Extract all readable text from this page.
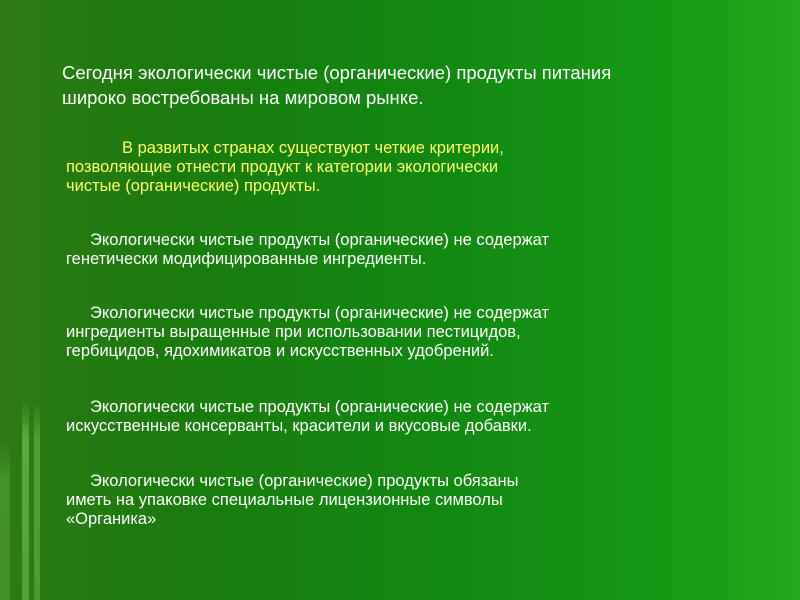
Сегодня экологически чистые (органические) продукты питания
широко востребованы на мировом рынке.

В развитых странах существуют четкие критерии,
позволяющие отнести продукт к категории экологически
чистые (органические) продукты.

Экологически чистые продукты (органические) не содержат
генетически модифицированные ингредиенты.

Экологически чистые продукты (органические) не содержат
ингредиенты выращенные при использовании пестицидов,
гербицидов, ядохимикатов и искусственных удобрений.

Экологически чистые продукты (органические) не содержат
искусственные консерванты, красители и вкусовые добавки.

Экологически чистые (органические) продукты обязаны
иметь на упаковке специальные лицензионные символы
«Органика»
